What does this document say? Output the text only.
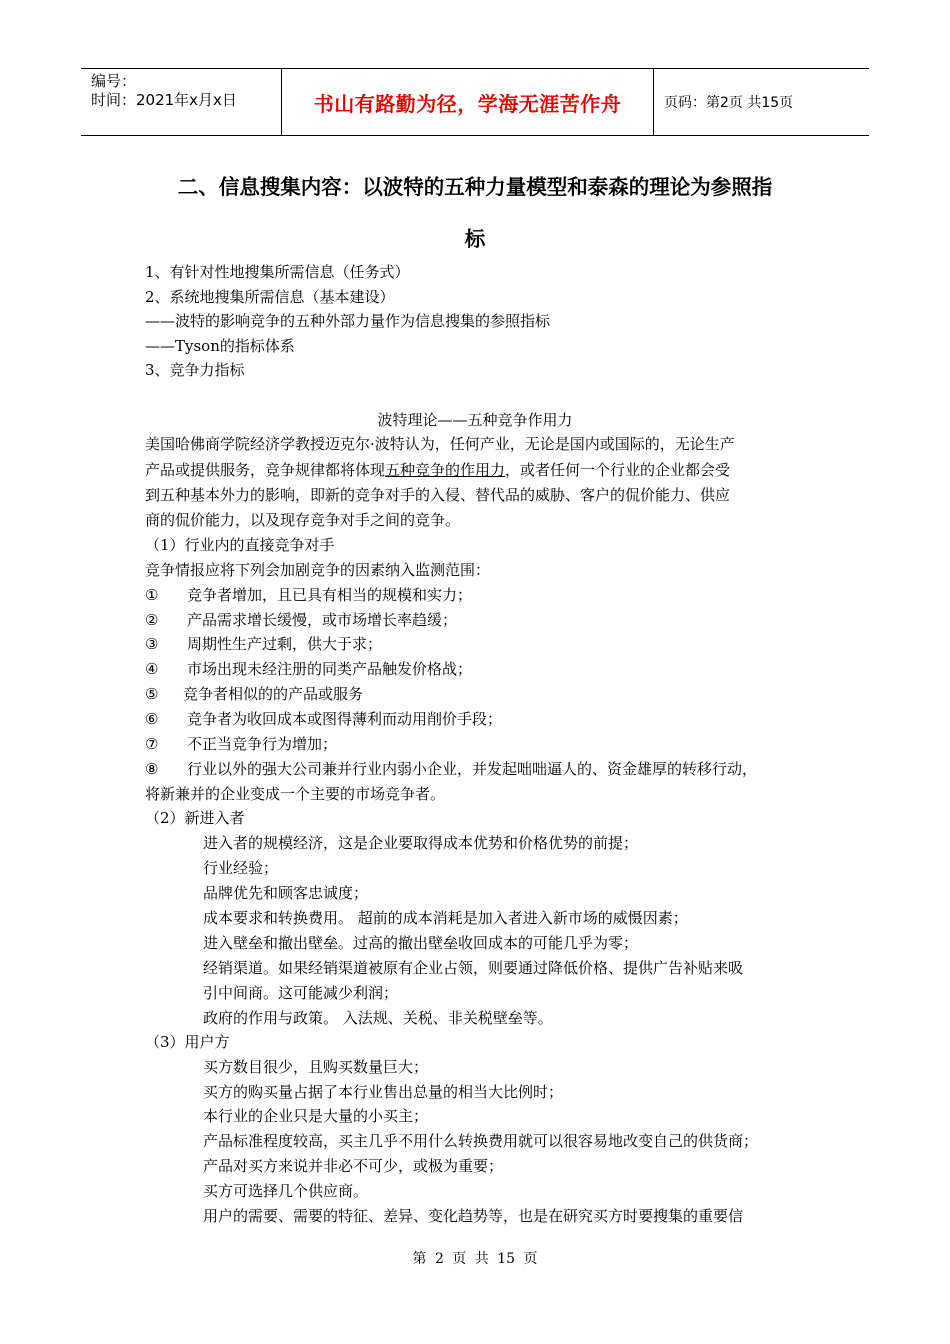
编号：
时间：2021年x月x日	书山有路勤为径，学海无涯苦作舟	页码：第2页 共15页
二、信息搜集内容：以波特的五种力量模型和泰森的理论为参照指
标
1、有针对性地搜集所需信息（任务式）
2、系统地搜集所需信息（基本建设）
——波特的影响竞争的五种外部力量作为信息搜集的参照指标
——Tyson的指标体系
3、竞争力指标
波特理论——五种竞争作用力
美国哈佛商学院经济学教授迈克尔·波特认为，任何产业，无论是国内或国际的，无论生产
产品或提供服务，竞争规律都将体现五种竞争的作用力，或者任何一个行业的企业都会受
到五种基本外力的影响，即新的竞争对手的入侵、替代品的威胁、客户的侃价能力、供应
商的侃价能力，以及现存竞争对手之间的竞争。
（1）行业内的直接竞争对手
竞争情报应将下列会加剧竞争的因素纳入监测范围：
① 竞争者增加，且已具有相当的规模和实力；
② 产品需求增长缓慢，或市场增长率趋缓；
③ 周期性生产过剩，供大于求；
④ 市场出现未经注册的同类产品触发价格战；
⑤ 竞争者相似的的产品或服务
⑥ 竞争者为收回成本或图得薄利而动用削价手段；
⑦ 不正当竞争行为增加；
⑧ 行业以外的强大公司兼并行业内弱小企业，并发起咄咄逼人的、资金雄厚的转移行动，
将新兼并的企业变成一个主要的市场竞争者。
（2）新进入者
进入者的规模经济，这是企业要取得成本优势和价格优势的前提；
行业经验；
品牌优先和顾客忠诚度；
成本要求和转换费用。 超前的成本消耗是加入者进入新市场的威慑因素；
进入壁垒和撤出壁垒。过高的撤出壁垒收回成本的可能几乎为零；
经销渠道。如果经销渠道被原有企业占领，则要通过降低价格、提供广告补贴来吸
引中间商。这可能减少利润；
政府的作用与政策。 入法规、关税、非关税壁垒等。
（3）用户方
买方数目很少，且购买数量巨大；
买方的购买量占据了本行业售出总量的相当大比例时；
本行业的企业只是大量的小买主；
产品标准程度较高，买主几乎不用什么转换费用就可以很容易地改变自己的供货商；
产品对买方来说并非必不可少，或极为重要；
买方可选择几个供应商。
用户的需要、需要的特征、差异、变化趋势等，也是在研究买方时要搜集的重要信
第 2 页 共 15 页
